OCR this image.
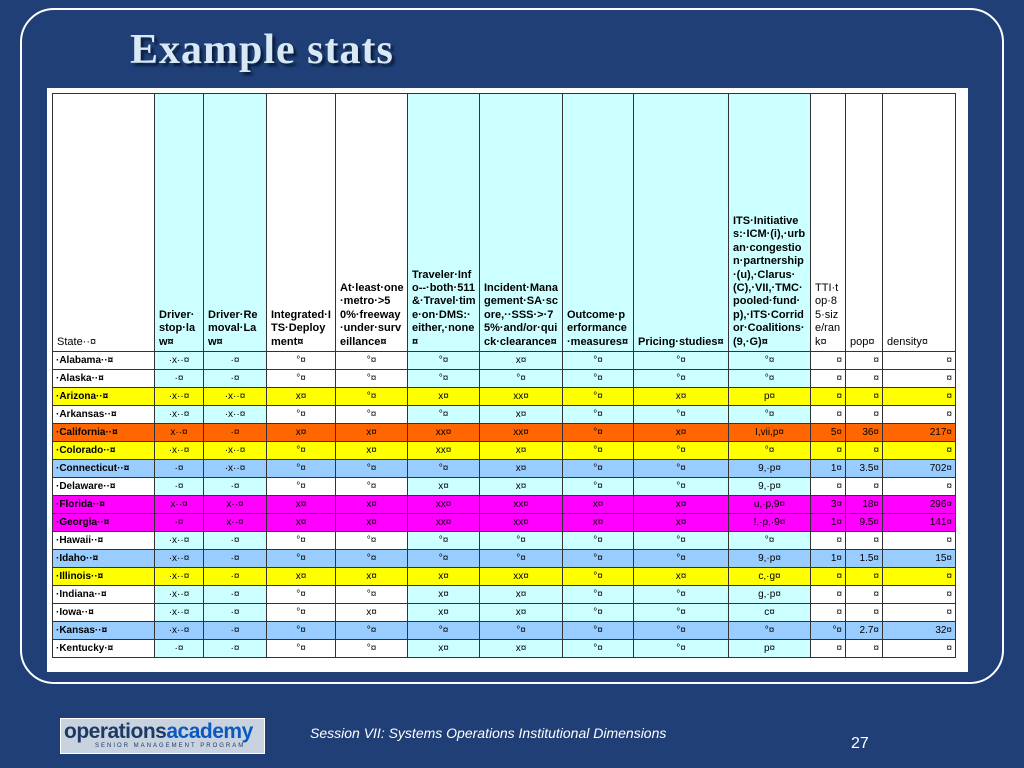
Example stats
State··¤	Driver·stop·law¤	Driver·Removal·Law¤	Integrated·ITS·Deployment¤	At·least·one·metro·>50%·freeway·under·surveillance¤	Traveler·Info--·both·511&·Travel·time·on·DMS:·either,·none¤	Incident·Management·SA·score,··SSS·>·75%·and/or·quick·clearance¤	Outcome·performance·measures¤	Pricing·studies¤	ITS·Initiatives:·ICM·(i),·urban·congestion·partnership·(u),·Clarus·(C),·VII,·TMC·pooled·fund·p),·ITS·Corridor·Coalitions·(9,·G)¤	TTI·top·85·size/rank¤	pop¤	density¤
·Alabama··¤	·x··¤	·¤	°¤	°¤	°¤	x¤	°¤	°¤	°¤	¤	¤	¤
·Alaska··¤	·¤	·¤	°¤	°¤	°¤	°¤	°¤	°¤	°¤	¤	¤	¤
·Arizona··¤	·x··¤	·x··¤	x¤	°¤	x¤	xx¤	°¤	x¤	p¤	¤	¤	¤
·Arkansas··¤	·x··¤	·x··¤	°¤	°¤	°¤	x¤	°¤	°¤	°¤	¤	¤	¤
·California··¤	x··¤	·¤	x¤	x¤	xx¤	xx¤	°¤	x¤	I,vii,p¤	5¤	36¤	217¤
·Colorado··¤	·x··¤	·x··¤	°¤	x¤	xx¤	x¤	°¤	°¤	°¤	¤	¤	¤
·Connecticut··¤	·¤	·x··¤	°¤	°¤	°¤	x¤	°¤	°¤	9,·p¤	1¤	3.5¤	702¤
·Delaware··¤	·¤	·¤	°¤	°¤	x¤	x¤	°¤	°¤	9,·p¤	¤	¤	¤
·Florida··¤	x··¤	x··¤	x¤	x¤	xx¤	xx¤	x¤	x¤	u,·p,9¤	3¤	18¤	296¤
·Georgia··¤	·¤	x··¤	x¤	x¤	xx¤	xx¤	x¤	x¤	!,·p,·9¤	1¤	9.5¤	141¤
·Hawaii··¤	·x··¤	·¤	°¤	°¤	°¤	°¤	°¤	°¤	°¤	¤	¤	¤
·Idaho··¤	·x··¤	·¤	°¤	°¤	°¤	°¤	°¤	°¤	9,·p¤	1¤	1.5¤	15¤
·Illinois··¤	·x··¤	·¤	x¤	x¤	x¤	xx¤	°¤	x¤	c,·g¤	¤	¤	¤
·Indiana··¤	·x··¤	·¤	°¤	°¤	x¤	x¤	°¤	°¤	g,·p¤	¤	¤	¤
·Iowa··¤	·x··¤	·¤	°¤	x¤	x¤	x¤	°¤	°¤	c¤	¤	¤	¤
·Kansas··¤	·x··¤	·¤	°¤	°¤	°¤	°¤	°¤	°¤	°¤	°¤	2.7¤	32¤
·Kentucky·¤	·¤	·¤	°¤	°¤	x¤	x¤	°¤	°¤	p¤	¤	¤	¤
operationsacademy
SENIOR MANAGEMENT PROGRAM
Session VII: Systems Operations Institutional Dimensions
27
